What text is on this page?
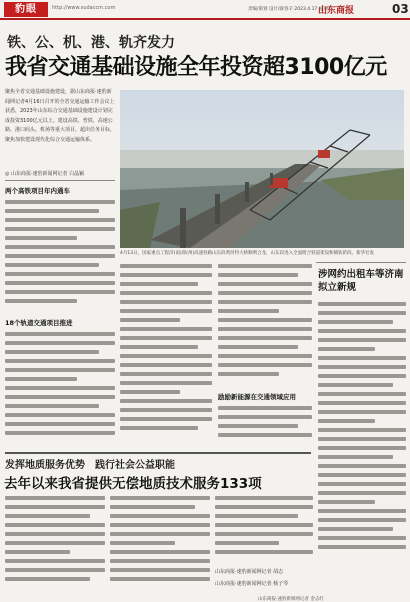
豹眼	http://www.sudaccm.com	责编/策划 设计/薛春辛 2023.4.17 星期一
山东商报	03
铁、公、机、港、轨齐发力
我省交通基础设施全年投资超3100亿元
聚焦全省交通基础设施建设，据山东商报·速豹新闻网记者4月16日召开的全省交通运输工作会议上获悉，2023年山东综合交通基础设施建设计划完成投资3100亿元以上。建设高铁、普铁、高速公路、港口码头、机场等重大项目，超出任务目标，聚焦加快建设现代化综合交通运输体系。
◎ 山东商报·速豹新闻网记者 白晶颖
4月13日，国家重点工程济(南)郑(州)高速铁路山东段黄河特大桥顺利合龙，山东段进入全面附合铁道架设和铺轨阶段。新华社发
两个高铁项目年内通车
18个轨道交通项目推进
励励新能源在交通领域应用
涉网约出租车等济南拟立新规
发挥地质服务优势　践行社会公益职能
去年以来我省提供无偿地质技术服务133项
山东商报·速豹新闻网记者 胡志
山东商报·速豹新闻网记者 杨子琴
山东商报·速豹新闻网记者 金志红
